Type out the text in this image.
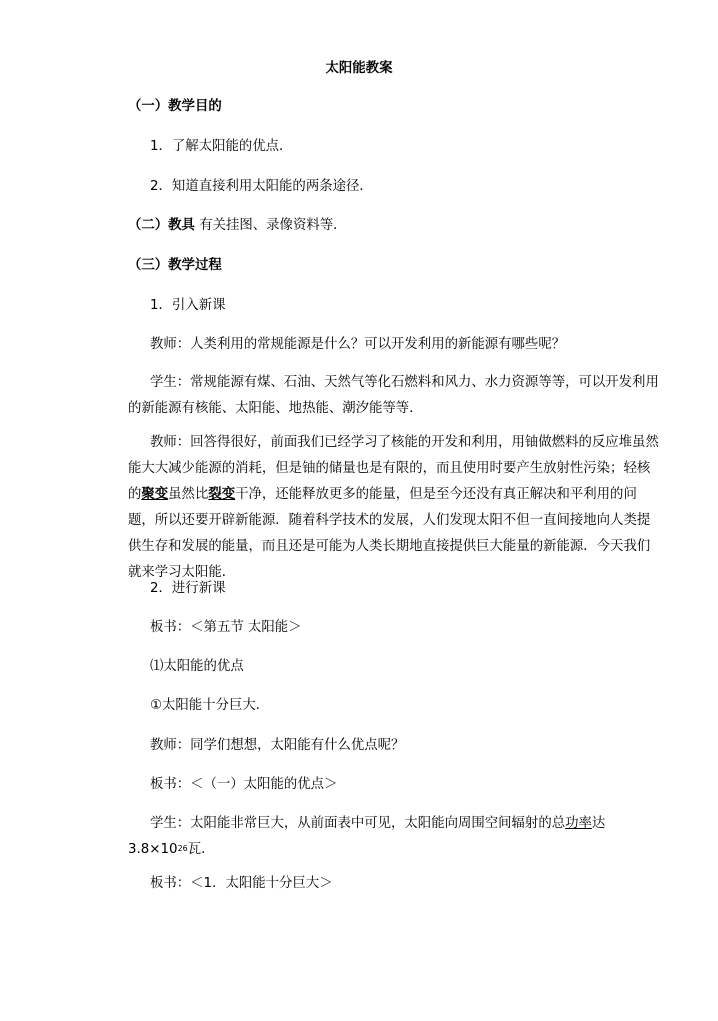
太阳能教案
（一）教学目的
1．了解太阳能的优点．
2．知道直接利用太阳能的两条途径．
（二）教具 有关挂图、录像资料等．
（三）教学过程
1．引入新课
教师：人类利用的常规能源是什么？可以开发利用的新能源有哪些呢？
学生：常规能源有煤、石油、天然气等化石燃料和风力、水力资源等等，可以开发利用的新能源有核能、太阳能、地热能、潮汐能等等．
教师：回答得很好，前面我们已经学习了核能的开发和利用，用铀做燃料的反应堆虽然能大大减少能源的消耗，但是铀的储量也是有限的，而且使用时要产生放射性污染；轻核的聚变虽然比裂变干净，还能释放更多的能量，但是至今还没有真正解决和平利用的问题，所以还要开辟新能源．随着科学技术的发展，人们发现太阳不但一直间接地向人类提供生存和发展的能量，而且还是可能为人类长期地直接提供巨大能量的新能源．今天我们就来学习太阳能．
2．进行新课
板书：＜第五节 太阳能＞
⑴太阳能的优点
①太阳能十分巨大．
教师：同学们想想，太阳能有什么优点呢？
板书：＜（一）太阳能的优点＞
学生：太阳能非常巨大，从前面表中可见，太阳能向周围空间辐射的总功率达 $3.8\times 10^{26}$瓦．
板书：＜1．太阳能十分巨大＞
